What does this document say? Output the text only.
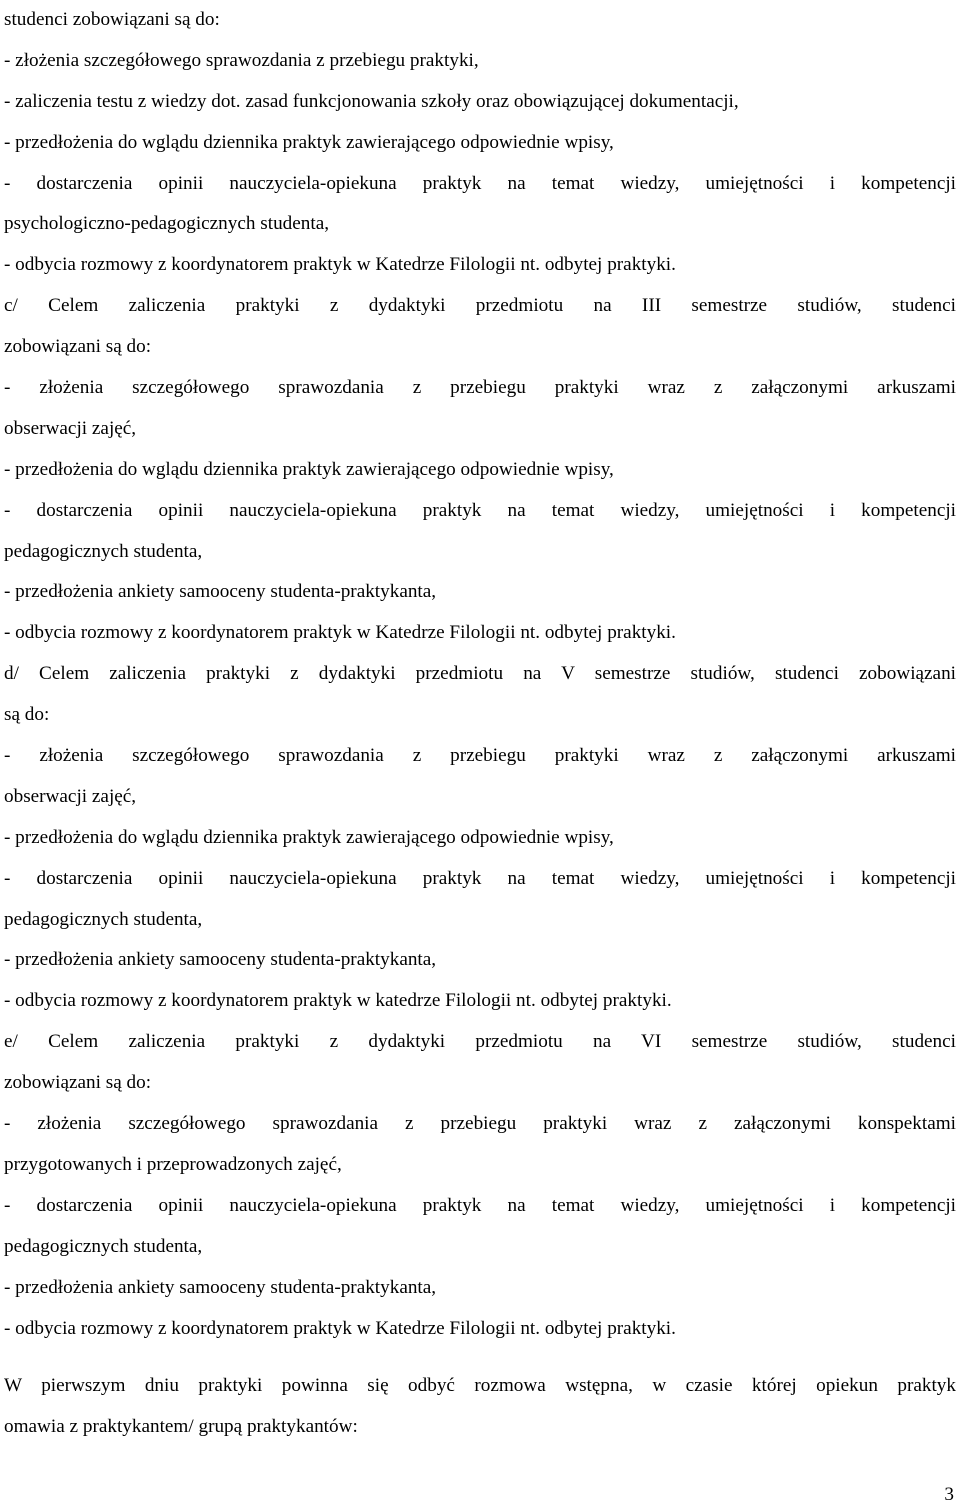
studenci zobowiązani są do:
- złożenia szczegółowego sprawozdania z przebiegu praktyki,
- zaliczenia testu z wiedzy dot. zasad funkcjonowania szkoły oraz obowiązującej dokumentacji,
- przedłożenia do wglądu dziennika praktyk zawierającego odpowiednie wpisy,
- dostarczenia opinii nauczyciela-opiekuna praktyk na temat wiedzy, umiejętności i kompetencji
psychologiczno-pedagogicznych studenta,
- odbycia rozmowy z koordynatorem praktyk w Katedrze Filologii nt. odbytej praktyki.
c/ Celem zaliczenia praktyki z dydaktyki przedmiotu na III semestrze studiów, studenci
zobowiązani są do:
- złożenia szczegółowego sprawozdania z przebiegu praktyki wraz z załączonymi arkuszami
obserwacji zajęć,
- przedłożenia do wglądu dziennika praktyk zawierającego odpowiednie wpisy,
- dostarczenia opinii nauczyciela-opiekuna praktyk na temat wiedzy, umiejętności i kompetencji
pedagogicznych studenta,
- przedłożenia ankiety samooceny studenta-praktykanta,
- odbycia rozmowy z koordynatorem praktyk w Katedrze Filologii nt. odbytej praktyki.
d/ Celem zaliczenia praktyki z dydaktyki przedmiotu na V semestrze studiów, studenci zobowiązani
są do:
- złożenia szczegółowego sprawozdania z przebiegu praktyki wraz z załączonymi arkuszami
obserwacji zajęć,
- przedłożenia do wglądu dziennika praktyk zawierającego odpowiednie wpisy,
- dostarczenia opinii nauczyciela-opiekuna praktyk na temat wiedzy, umiejętności i kompetencji
pedagogicznych studenta,
- przedłożenia ankiety samooceny studenta-praktykanta,
- odbycia rozmowy z koordynatorem praktyk w katedrze Filologii nt. odbytej praktyki.
e/ Celem zaliczenia praktyki z dydaktyki przedmiotu na VI semestrze studiów, studenci
zobowiązani są do:
- złożenia szczegółowego sprawozdania z przebiegu praktyki wraz z załączonymi konspektami
przygotowanych i przeprowadzonych zajęć,
- dostarczenia opinii nauczyciela-opiekuna praktyk na temat wiedzy, umiejętności i kompetencji
pedagogicznych studenta,
- przedłożenia ankiety samooceny studenta-praktykanta,
- odbycia rozmowy z koordynatorem praktyk w Katedrze Filologii nt. odbytej praktyki.
W pierwszym dniu praktyki powinna się odbyć rozmowa wstępna, w czasie której opiekun praktyk
omawia z praktykantem/ grupą praktykantów:
3
